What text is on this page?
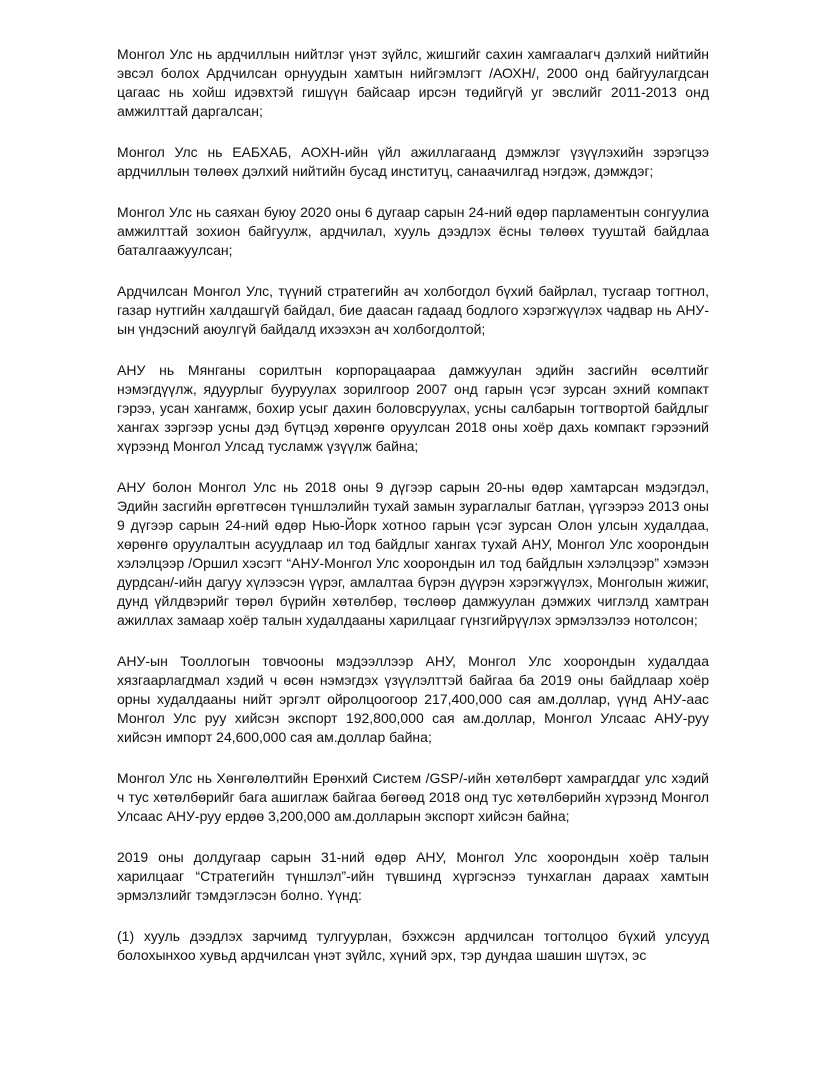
Монгол Улс нь ардчиллын нийтлэг үнэт зүйлс, жишгийг сахин хамгаалагч дэлхий нийтийн эвсэл болох Ардчилсан орнуудын хамтын нийгэмлэгт /АОХН/, 2000 онд байгуулагдсан цагаас нь хойш идэвхтэй гишүүн байсаар ирсэн төдийгүй уг эвслийг 2011-2013 онд амжилттай даргалсан;

Монгол Улс нь ЕАБХАБ, АОХН-ийн үйл ажиллагаанд дэмжлэг үзүүлэхийн зэрэгцээ ардчиллын төлөөх дэлхий нийтийн бусад институц, санаачилгад нэгдэж, дэмждэг;

Монгол Улс нь саяхан буюу 2020 оны 6 дугаар сарын 24-ний өдөр парламентын сонгуулиа амжилттай зохион байгуулж, ардчилал, хууль дээдлэх ёсны төлөөх тууштай байдлаа баталгаажуулсан;

Ардчилсан Монгол Улс, түүний стратегийн ач холбогдол бүхий байрлал, тусгаар тогтнол, газар нутгийн халдашгүй байдал, бие даасан гадаад бодлого хэрэгжүүлэх чадвар нь АНУ-ын үндэсний аюулгүй байдалд ихээхэн ач холбогдолтой;

АНУ нь Мянганы сорилтын корпорацаараа дамжуулан эдийн засгийн өсөлтийг нэмэгдүүлж, ядуурлыг бууруулах зорилгоор 2007 онд гарын үсэг зурсан эхний компакт гэрээ, усан хангамж, бохир усыг дахин боловсруулах, усны салбарын тогтвортой байдлыг хангах зэргээр усны дэд бүтцэд хөрөнгө оруулсан 2018 оны хоёр дахь компакт гэрээний хүрээнд Монгол Улсад тусламж үзүүлж байна;

АНУ болон Монгол Улс нь 2018 оны 9 дүгээр сарын 20-ны өдөр хамтарсан мэдэгдэл, Эдийн засгийн өргөтгөсөн түншлэлийн тухай замын зураглалыг батлан, үүгээрээ 2013 оны 9 дүгээр сарын 24-ний өдөр Нью-Йорк хотноо гарын үсэг зурсан Олон улсын худалдаа, хөрөнгө оруулалтын асуудлаар ил тод байдлыг хангах тухай АНУ, Монгол Улс хоорондын хэлэлцээр /Оршил хэсэгт “АНУ-Монгол Улс хоорондын ил тод байдлын хэлэлцээр” хэмээн дурдсан/-ийн дагуу хүлээсэн үүрэг, амлалтаа бүрэн дүүрэн хэрэгжүүлэх, Монголын жижиг, дунд үйлдвэрийг төрөл бүрийн хөтөлбөр, төслөөр дамжуулан дэмжих чиглэлд хамтран ажиллах замаар хоёр талын худалдааны харилцааг гүнзгийрүүлэх эрмэлзэлээ нотолсон;

АНУ-ын Тооллогын товчооны мэдээллээр АНУ, Монгол Улс хоорондын худалдаа хязгаарлагдмал хэдий ч өсөн нэмэгдэх үзүүлэлттэй байгаа ба 2019 оны байдлаар хоёр орны худалдааны нийт эргэлт ойролцоогоор 217,400,000 сая ам.доллар, үүнд АНУ-аас Монгол Улс руу хийсэн экспорт 192,800,000 сая ам.доллар, Монгол Улсаас АНУ-руу хийсэн импорт 24,600,000 сая ам.доллар байна;

Монгол Улс нь Хөнгөлөлтийн Ерөнхий Систем /GSP/-ийн хөтөлбөрт хамрагддаг улс хэдий ч тус хөтөлбөрийг бага ашиглаж байгаа бөгөөд 2018 онд тус хөтөлбөрийн хүрээнд Монгол Улсаас АНУ-руу ердөө 3,200,000 ам.долларын экспорт хийсэн байна;

2019 оны долдугаар сарын 31-ний өдөр АНУ, Монгол Улс хоорондын хоёр талын харилцааг “Стратегийн түншлэл”-ийн түвшинд хүргэснээ тунхаглан дараах хамтын эрмэлзлийг тэмдэглэсэн болно. Үүнд:

(1) хууль дээдлэх зарчимд тулгуурлан, бэхжсэн ардчилсан тогтолцоо бүхий улсууд болохынхоо хувьд ардчилсан үнэт зүйлс, хүний эрх, тэр дундаа шашин шүтэх, эс
